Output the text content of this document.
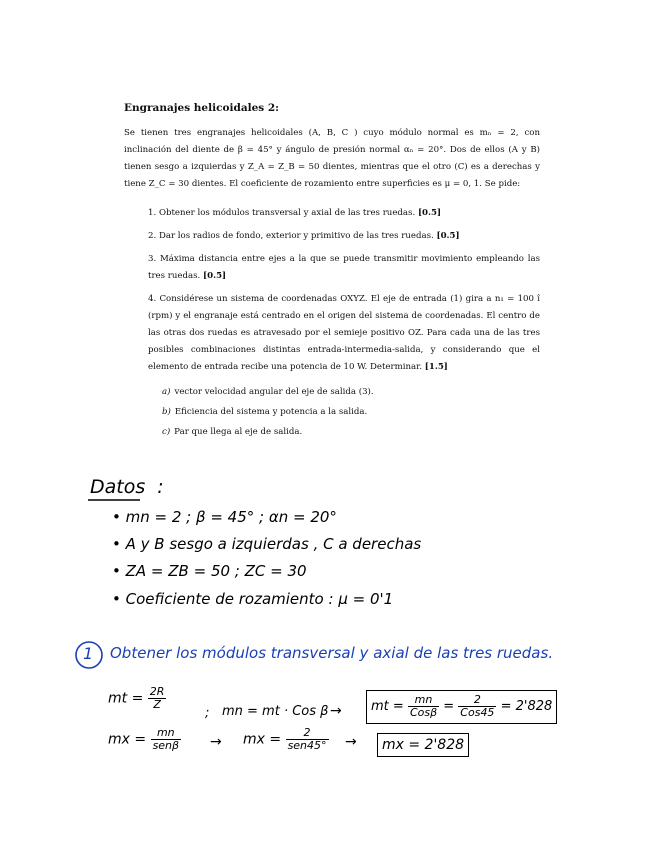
Engranajes helicoidales 2:
Se tienen tres engranajes helicoidales (A, B, C ) cuyo módulo normal es mₙ = 2, con inclinación del diente de β = 45° y ángulo de presión normal αₙ = 20°. Dos de ellos (A y B) tienen sesgo a izquierdas y Z_A = Z_B = 50 dientes, mientras que el otro (C) es a derechas y tiene Z_C = 30 dientes. El coeficiente de rozamiento entre superficies es μ = 0, 1. Se pide:
1. Obtener los módulos transversal y axial de las tres ruedas. [0.5]
2. Dar los radios de fondo, exterior y primitivo de las tres ruedas. [0.5]
3. Máxima distancia entre ejes a la que se puede transmitir movimiento empleando las tres ruedas. [0.5]
4. Considérese un sistema de coordenadas OXYZ. El eje de entrada (1) gira a n₁ = 100 î (rpm) y el engranaje está centrado en el origen del sistema de coordenadas. El centro de las otras dos ruedas es atravesado por el semieje positivo OZ. Para cada una de las tres posibles combinaciones distintas entrada-intermedia-salida, y considerando que el elemento de entrada recibe una potencia de 10 W. Determinar. [1.5]
a) vector velocidad angular del eje de salida (3).
b) Eficiencia del sistema y potencia a la salida.
c) Par que llega al eje de salida.
Datos :
• mn = 2 ; β = 45° ; αn = 20°
• A y B sesgo a izquierdas , C a derechas
• ZA = ZB = 50 ; ZC = 30
• Coeficiente de rozamiento : μ = 0'1
1 Obtener los módulos transversal y axial de las tres ruedas.
mt = $\frac{2R}{Z}$
; mn = mt · Cos β →	mt = $\frac{mn}{\text{Cosβ}} = \frac{2}{\text{Cos45}} = 2'828$
mx = $\frac{mn}{\text{senβ}}$ → mx = $\frac{2}{\text{sen45°}}$ →	mx = 2'828
